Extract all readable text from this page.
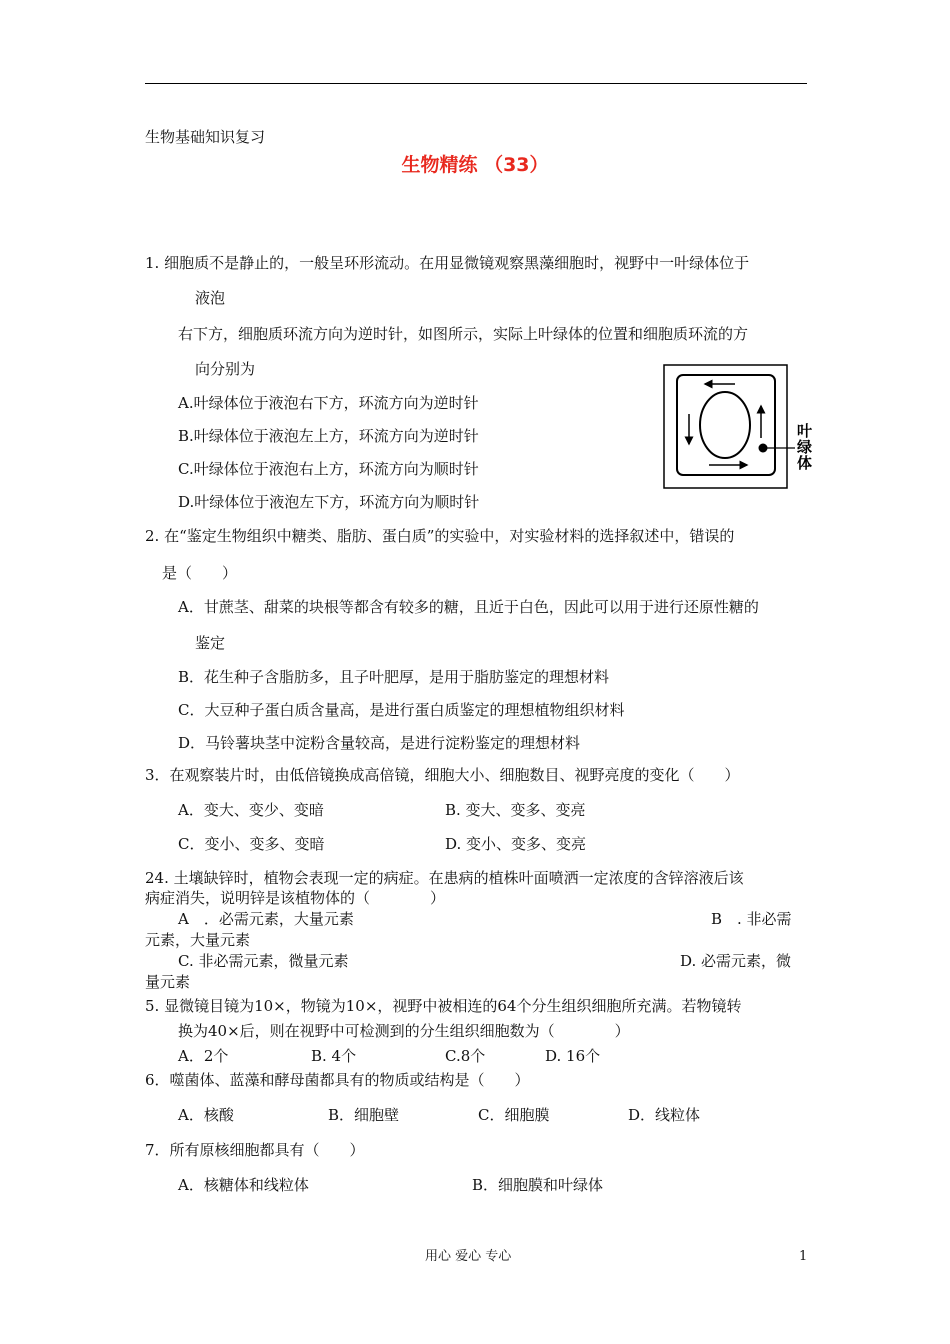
生物基础知识复习
生物精练 （33）
1. 细胞质不是静止的，一般呈环形流动。在用显微镜观察黑藻细胞时，视野中一叶绿体位于
液泡
右下方，细胞质环流方向为逆时针，如图所示，实际上叶绿体的位置和细胞质环流的方
向分别为
A.叶绿体位于液泡右下方，环流方向为逆时针
B.叶绿体位于液泡左上方，环流方向为逆时针
C.叶绿体位于液泡右上方，环流方向为顺时针
D.叶绿体位于液泡左下方，环流方向为顺时针
叶
绿
体
2. 在“鉴定生物组织中糖类、脂肪、蛋白质”的实验中，对实验材料的选择叙述中，错误的
是（　　）
A．甘蔗茎、甜菜的块根等都含有较多的糖，且近于白色，因此可以用于进行还原性糖的
鉴定
B．花生种子含脂肪多，且子叶肥厚，是用于脂肪鉴定的理想材料
C．大豆种子蛋白质含量高，是进行蛋白质鉴定的理想植物组织材料
D．马铃薯块茎中淀粉含量较高，是进行淀粉鉴定的理想材料
3．在观察装片时，由低倍镜换成高倍镜，细胞大小、细胞数目、视野亮度的变化（　　）
A．变大、变少、变暗	B. 变大、变多、变亮
C．变小、变多、变暗	D. 变小、变多、变亮
24. 土壤缺锌时，植物会表现一定的病症。在患病的植株叶面喷洒一定浓度的含锌溶液后该
病症消失，说明锌是该植物体的（　　　　）
A　．必需元素，大量元素	B　. 非必需
元素，大量元素
C. 非必需元素，微量元素	D. 必需元素，微
量元素
5. 显微镜目镜为10×，物镜为10×，视野中被相连的64个分生组织细胞所充满。若物镜转
换为40×后，则在视野中可检测到的分生组织细胞数为（　　　　）
A．2个	B. 4个	C.8个	D. 16个
6．噬菌体、蓝藻和酵母菌都具有的物质或结构是（　　）
A．核酸	B．细胞壁	C．细胞膜	D．线粒体
7．所有原核细胞都具有（　　）
A．核糖体和线粒体	B．细胞膜和叶绿体
用心 爱心 专心	1
